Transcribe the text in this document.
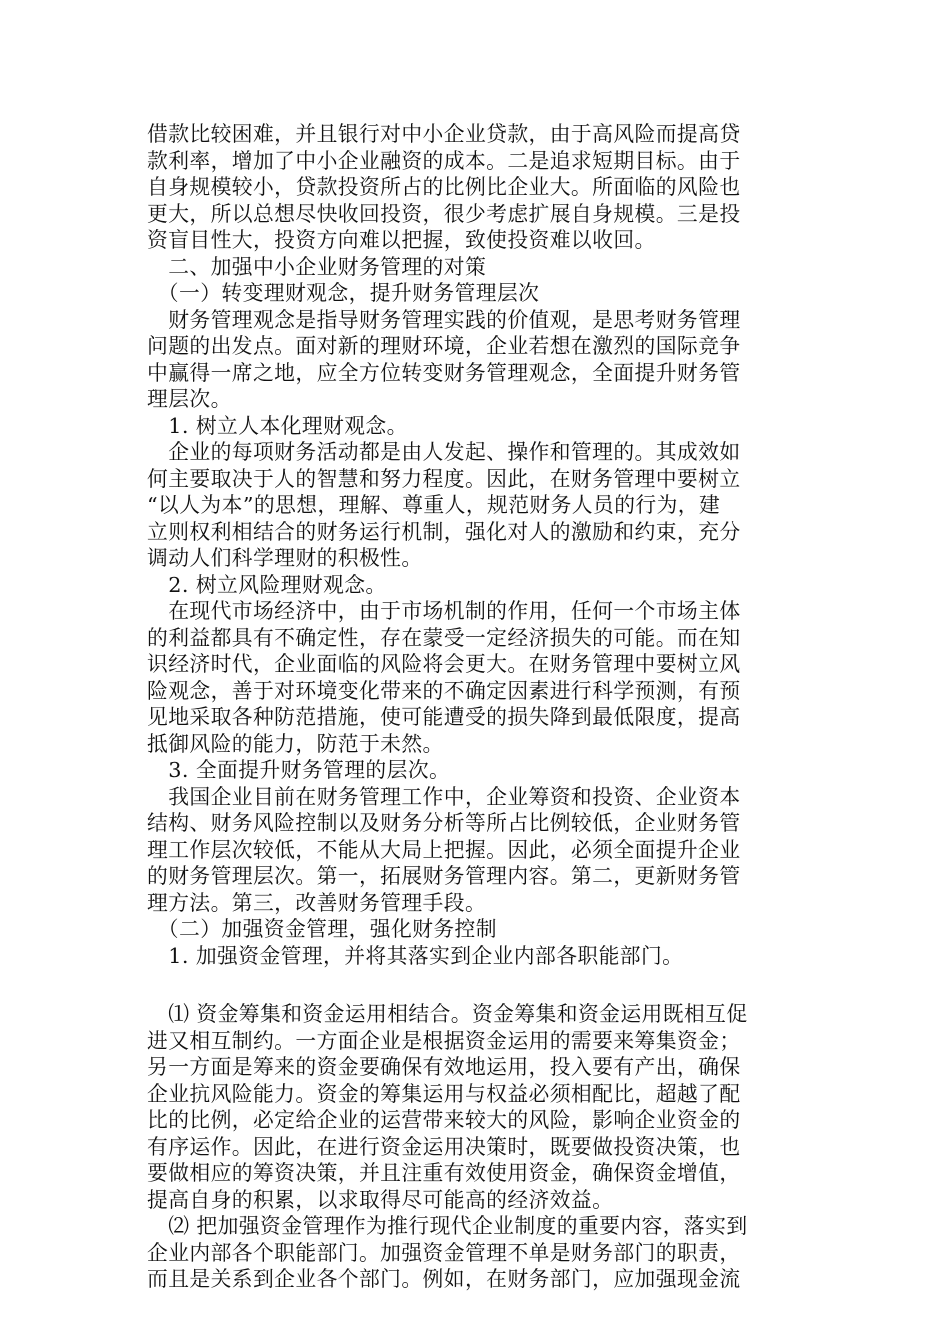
借款比较困难，并且银行对中小企业贷款，由于高风险而提高贷
款利率，增加了中小企业融资的成本。二是追求短期目标。由于
自身规模较小，贷款投资所占的比例比企业大。所面临的风险也
更大，所以总想尽快收回投资，很少考虑扩展自身规模。三是投
资盲目性大，投资方向难以把握，致使投资难以收回。
　二、加强中小企业财务管理的对策
　（一）转变理财观念，提升财务管理层次
　财务管理观念是指导财务管理实践的价值观，是思考财务管理
问题的出发点。面对新的理财环境，企业若想在激烈的国际竞争
中赢得一席之地，应全方位转变财务管理观念，全面提升财务管
理层次。
　1. 树立人本化理财观念。
　企业的每项财务活动都是由人发起、操作和管理的。其成效如
何主要取决于人的智慧和努力程度。因此，在财务管理中要树立
“以人为本”的思想，理解、尊重人，规范财务人员的行为，建
立则权利相结合的财务运行机制，强化对人的激励和约束，充分
调动人们科学理财的积极性。
　2. 树立风险理财观念。
　在现代市场经济中，由于市场机制的作用，任何一个市场主体
的利益都具有不确定性，存在蒙受一定经济损失的可能。而在知
识经济时代，企业面临的风险将会更大。在财务管理中要树立风
险观念，善于对环境变化带来的不确定因素进行科学预测，有预
见地采取各种防范措施，使可能遭受的损失降到最低限度，提高
抵御风险的能力，防范于未然。
　3. 全面提升财务管理的层次。
　我国企业目前在财务管理工作中，企业筹资和投资、企业资本
结构、财务风险控制以及财务分析等所占比例较低，企业财务管
理工作层次较低，不能从大局上把握。因此，必须全面提升企业
的财务管理层次。第一，拓展财务管理内容。第二，更新财务管
理方法。第三，改善财务管理手段。
　（二）加强资金管理，强化财务控制
　1. 加强资金管理，并将其落实到企业内部各职能部门。
　⑴ 资金筹集和资金运用相结合。资金筹集和资金运用既相互促
进又相互制约。一方面企业是根据资金运用的需要来筹集资金；
另一方面是筹来的资金要确保有效地运用，投入要有产出，确保
企业抗风险能力。资金的筹集运用与权益必须相配比，超越了配
比的比例，必定给企业的运营带来较大的风险，影响企业资金的
有序运作。因此，在进行资金运用决策时，既要做投资决策，也
要做相应的筹资决策，并且注重有效使用资金，确保资金增值，
提高自身的积累，以求取得尽可能高的经济效益。
　⑵ 把加强资金管理作为推行现代企业制度的重要内容，落实到
企业内部各个职能部门。加强资金管理不单是财务部门的职责，
而且是关系到企业各个部门。例如，在财务部门，应加强现金流
